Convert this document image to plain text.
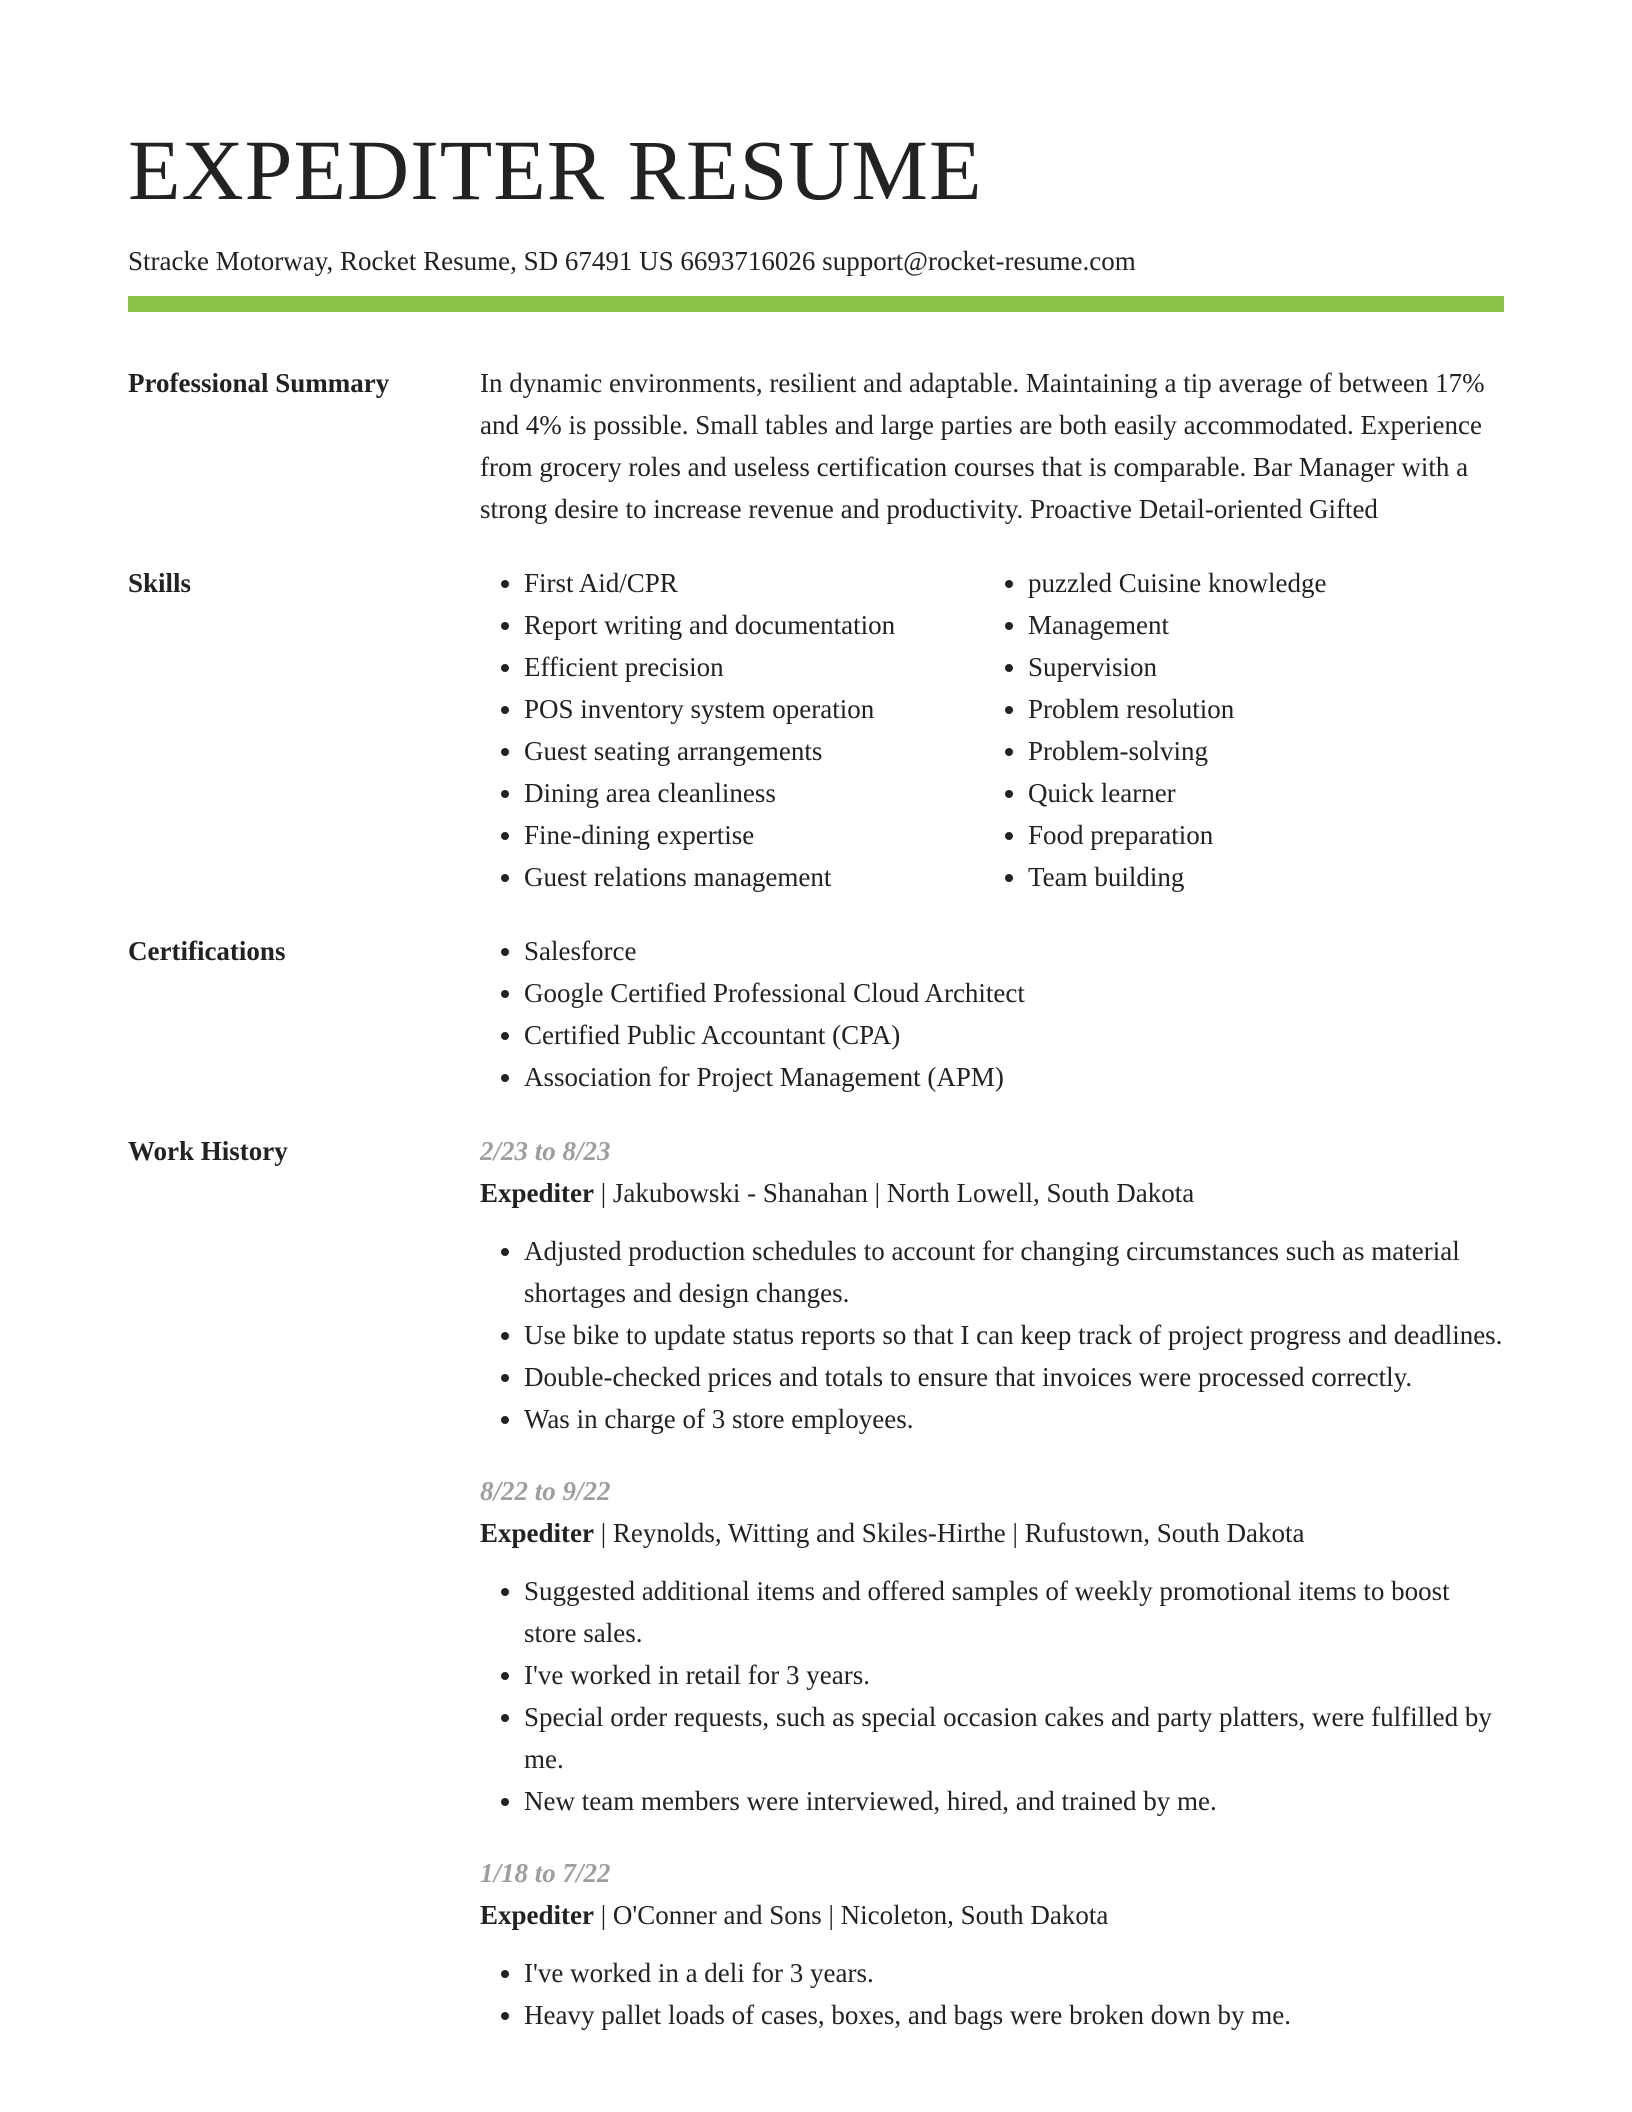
EXPEDITER RESUME
Stracke Motorway, Rocket Resume, SD 67491 US 6693716026 support@rocket-resume.com
Professional Summary	In dynamic environments, resilient and adaptable. Maintaining a tip average of between 17% and 4% is possible. Small tables and large parties are both easily accommodated. Experience from grocery roles and useless certification courses that is comparable. Bar Manager with a strong desire to increase revenue and productivity. Proactive Detail-oriented Gifted
Skills	• First Aid/CPR
• Report writing and documentation
• Efficient precision
• POS inventory system operation
• Guest seating arrangements
• Dining area cleanliness
• Fine-dining expertise
• Guest relations management
• puzzled Cuisine knowledge
• Management
• Supervision
• Problem resolution
• Problem-solving
• Quick learner
• Food preparation
• Team building
Certifications	• Salesforce
• Google Certified Professional Cloud Architect
• Certified Public Accountant (CPA)
• Association for Project Management (APM)
Work History	2/23 to 8/23
Expediter | Jakubowski - Shanahan | North Lowell, South Dakota
• Adjusted production schedules to account for changing circumstances such as material shortages and design changes.
• Use bike to update status reports so that I can keep track of project progress and deadlines.
• Double-checked prices and totals to ensure that invoices were processed correctly.
• Was in charge of 3 store employees.
8/22 to 9/22
Expediter | Reynolds, Witting and Skiles-Hirthe | Rufustown, South Dakota
• Suggested additional items and offered samples of weekly promotional items to boost store sales.
• I've worked in retail for 3 years.
• Special order requests, such as special occasion cakes and party platters, were fulfilled by me.
• New team members were interviewed, hired, and trained by me.
1/18 to 7/22
Expediter | O'Conner and Sons | Nicoleton, South Dakota
• I've worked in a deli for 3 years.
• Heavy pallet loads of cases, boxes, and bags were broken down by me.
